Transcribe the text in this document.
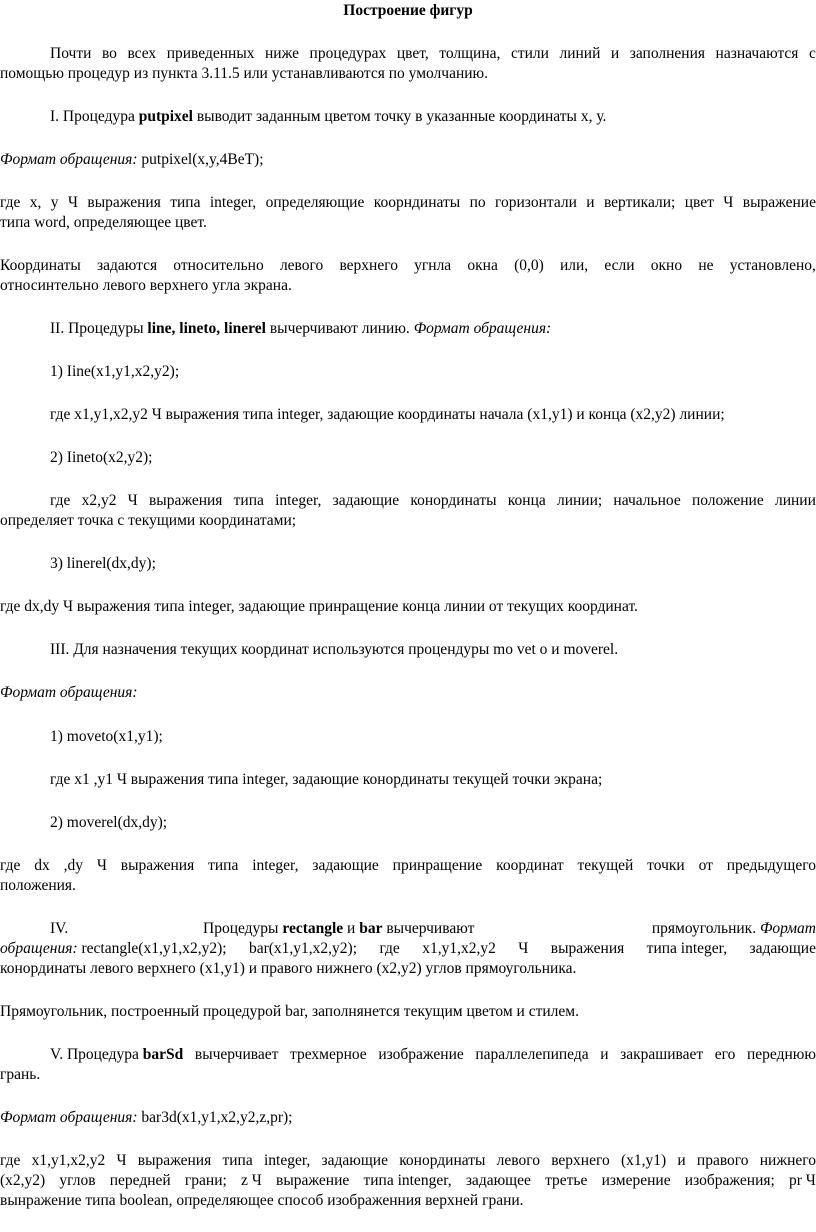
Построение фигур
Почти во всех приведенных ниже процедурах цвет, толщина, стили линий и заполнения назначаются с
помощью процедур из пункта 3.11.5 или устанавливаются по умолчанию.
I. Процедура putpixel выводит заданным цветом точку в указанные координаты х, у.
Формат обращения: putpixel(x,y,4BeT);
где х, у Ч выражения типа integer, определяющие коорндинаты по горизонтали и вертикали; цвет Ч выражение
типа word, определяющее цвет.
Координаты задаются относительно левого верхнего угнла окна (0,0) или, если окно не установлено,
относинтельно левого верхнего угла экрана.
II. Процедуры line, lineto, linerel вычерчивают линию. Формат обращения:
1) Iine(x1,y1,x2,y2);
где x1,y1,x2,y2 Ч выражения типа integer, задающие координаты начала (x1,y1) и конца (x2,y2) линии;
2) Iineto(x2,y2);
где x2,y2 Ч выражения типа integer, задающие конординаты конца линии; начальное положение линии
определяет точка с текущими координатами;
3) linerel(dx,dy);
где dx,dy Ч выражения типа integer, задающие принращение конца линии от текущих координат.
III. Для назначения текущих координат используются процендуры mo vet о и moverel.
Формат обращения:
1) moveto(x1,y1);
где x1 ,y1 Ч выражения типа integer, задающие конординаты текущей точки экрана;
2) moverel(dx,dy);
где dx ,dy Ч выражения типа integer, задающие принращение координат текущей точки от предыдущего
положения.
IV.	Процедуры rectangle и bar вычерчивают	прямоугольник. Формат
обращения: rectangle(x1,y1,x2,y2); bar(x1,y1,x2,y2); где x1,y1,x2,y2 Ч выражения типа integer, задающие
конординаты левого верхнего (x1,y1) и правого нижнего (x2,y2) углов прямоугольника.
Прямоугольник, построенный процедурой bar, заполнянется текущим цветом и стилем.
V. Процедура barSd вычерчивает трехмерное изображение параллелепипеда и закрашивает его переднюю
грань.
Формат обращения: bar3d(x1,y1,x2,y2,z,pr);
где x1,y1,x2,y2 Ч выражения типа integer, задающие конординаты левого верхнего (x1,y1) и правого нижнего
(x2,y2) углов передней грани; z Ч выражение типа intenger, задающее третье измерение изображения; pr Ч
вынражение типа boolean, определяющее способ изображенния верхней грани.
